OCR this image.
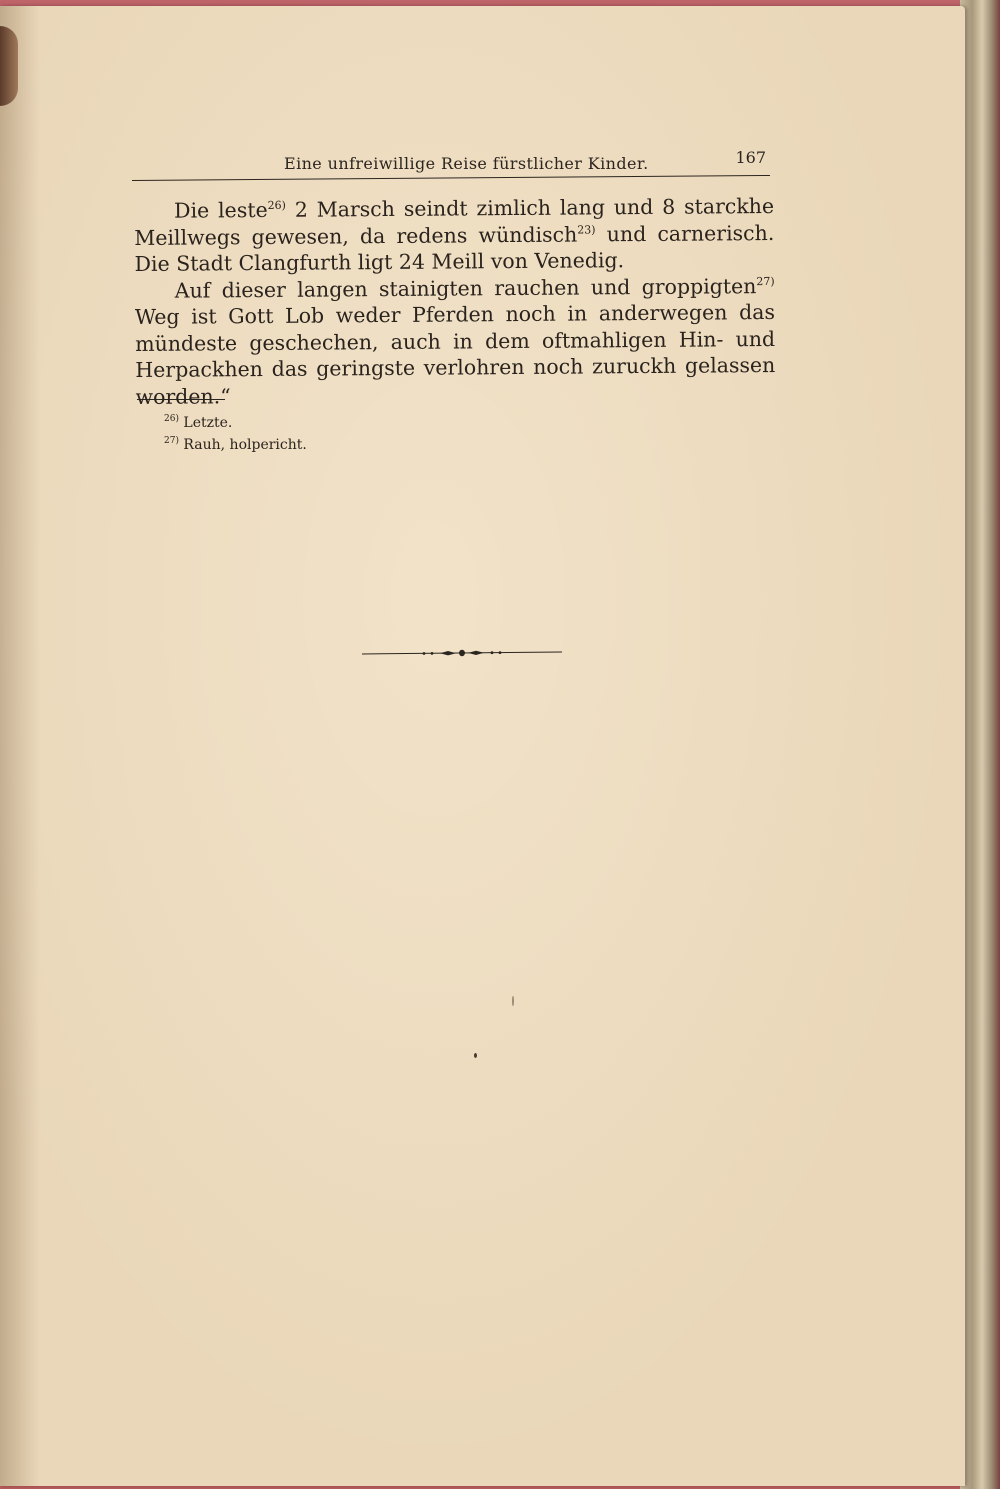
Eine unfreiwillige Reise fürstlicher Kinder.	167

Die leste$^{26)}$ 2 Marsch seindt zimlich lang und 8 starckhe Meillwegs gewesen, da redens wündisch$^{23)}$ und carnerisch. Die Stadt Clangfurth ligt 24 Meill von Venedig.

Auf dieser langen stainigten rauchen und groppigten$^{27)}$ Weg ist Gott Lob weder Pferden noch in anderwegen das mündeste geschechen, auch in dem oftmahligen Hin- und Herpackhen das geringste verlohren noch zuruckh gelassen worden.“

$^{26)}$ Letzte.
$^{27)}$ Rauh, holpericht.
